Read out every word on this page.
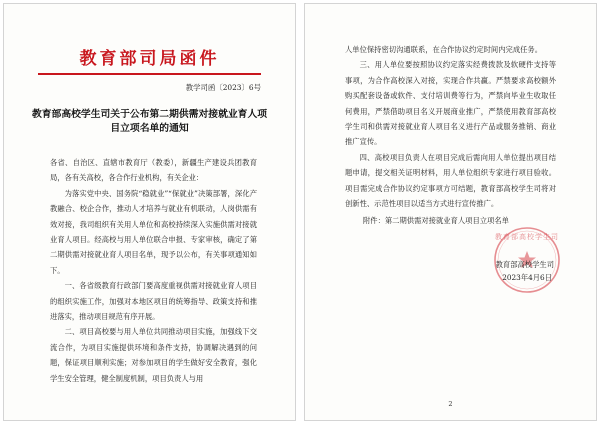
教育部司局函件
教学司函〔2023〕6号
教育部高校学生司关于公布第二期供需对接就业育人项目立项名单的通知

各省、自治区、直辖市教育厅（教委），新疆生产建设兵团教育局，各有关高校，各合作行业机构，有关企业：

为落实党中央、国务院“稳就业”“保就业”决策部署，深化产教融合、校企合作，推动人才培养与就业有机联动，人岗供需有效对接，我司组织有关用人单位和高校持续深入实施供需对接就业育人项目。经高校与用人单位联合申报、专家审核，确定了第二期供需对接就业育人项目名单，现予以公布，有关事项通知如下。

一、各省级教育行政部门要高度重视供需对接就业育人项目的组织实施工作，加强对本地区项目的统筹指导、政策支持和推进落实，推动项目规范有序开展。

二、项目高校要与用人单位共同推动项目实施，加强线下交流合作，为项目实施提供环境和条件支持，协调解决遇到的问题，保证项目顺利实施；对参加项目的学生做好安全教育，强化学生安全管理，健全制度机制，项目负责人与用

人单位保持密切沟通联系，在合作协议约定时间内完成任务。

三、用人单位要按照协议约定落实经费拨款及软硬件支持等事项，为合作高校深入对接，实现合作共赢。严禁要求高校额外购买配套设备或软件、支付培训费等行为，严禁向毕业生收取任何费用，严禁借助项目名义开展商业推广，严禁使用教育部高校学生司和供需对接就业育人项目名义进行产品或服务推销、商业推广宣传。

四、高校项目负责人在项目完成后需向用人单位提出项目结题申请，提交相关证明材料，用人单位组织专家进行项目验收。项目需完成合作协议约定事项方可结题，教育部高校学生司将对创新性、示范性项目以适当方式进行宣传推广。

附件：第二期供需对接就业育人项目立项名单
教育部高校学生司
教育部高校学生司
2023年4月6日
2
